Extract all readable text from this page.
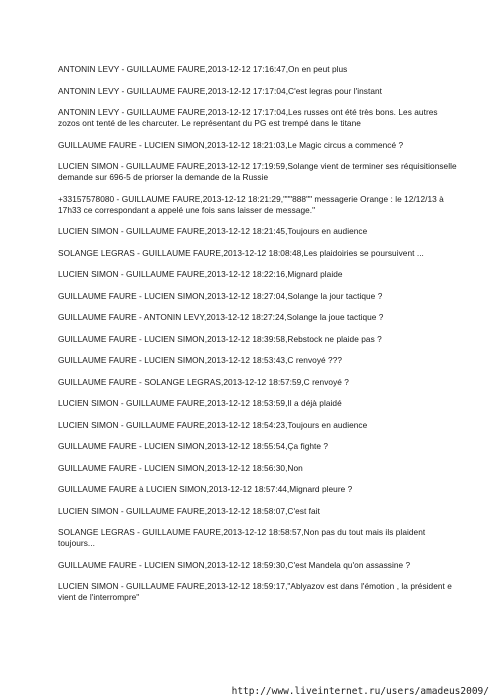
ANTONIN LEVY - GUILLAUME FAURE,2013-12-12 17:16:47,On en peut plus
ANTONIN LEVY - GUILLAUME FAURE,2013-12-12 17:17:04,C'est legras pour l'instant
ANTONIN LEVY - GUILLAUME FAURE,2013-12-12 17:17:04,Les russes ont été très bons. Les autres zozos ont tenté de les charcuter. Le représentant du PG est trempé dans le titane
GUILLAUME FAURE - LUCIEN SIMON,2013-12-12 18:21:03,Le Magic circus a commencé ?
LUCIEN SIMON - GUILLAUME FAURE,2013-12-12 17:19:59,Solange vient de terminer ses réquisitionselle demande sur 696-5 de priorser la demande de la Russie
+33157578080 - GUILLAUME FAURE,2013-12-12 18:21:29,"""888"" messagerie Orange : le 12/12/13 à 17h33 ce correspondant a appelé une fois sans laisser de message."
LUCIEN SIMON - GUILLAUME FAURE,2013-12-12 18:21:45,Toujours en audience
SOLANGE LEGRAS - GUILLAUME FAURE,2013-12-12 18:08:48,Les plaidoiries se poursuivent ...
LUCIEN SIMON - GUILLAUME FAURE,2013-12-12 18:22:16,Mignard plaide
GUILLAUME FAURE - LUCIEN SIMON,2013-12-12 18:27:04,Solange la jour tactique ?
GUILLAUME FAURE - ANTONIN LEVY,2013-12-12 18:27:24,Solange la joue tactique ?
GUILLAUME FAURE - LUCIEN SIMON,2013-12-12 18:39:58,Rebstock ne plaide pas ?
GUILLAUME FAURE - LUCIEN SIMON,2013-12-12 18:53:43,C renvoyé ???
GUILLAUME FAURE - SOLANGE LEGRAS,2013-12-12 18:57:59,C renvoyé ?
LUCIEN SIMON - GUILLAUME FAURE,2013-12-12 18:53:59,Il a déjà plaidé
LUCIEN SIMON - GUILLAUME FAURE,2013-12-12 18:54:23,Toujours en audience
GUILLAUME FAURE - LUCIEN SIMON,2013-12-12 18:55:54,Ça fighte ?
GUILLAUME FAURE - LUCIEN SIMON,2013-12-12 18:56:30,Non
GUILLAUME FAURE à LUCIEN SIMON,2013-12-12 18:57:44,Mignard pleure ?
LUCIEN SIMON - GUILLAUME FAURE,2013-12-12 18:58:07,C'est fait
SOLANGE LEGRAS - GUILLAUME FAURE,2013-12-12 18:58:57,Non pas du tout mais ils plaident toujours...
GUILLAUME FAURE - LUCIEN SIMON,2013-12-12 18:59:30,C'est Mandela qu'on assassine ?
LUCIEN SIMON - GUILLAUME FAURE,2013-12-12 18:59:17,"Ablyazov est dans l'émotion , la président e vient de l'interrompre"
http://www.liveinternet.ru/users/amadeus2009/
